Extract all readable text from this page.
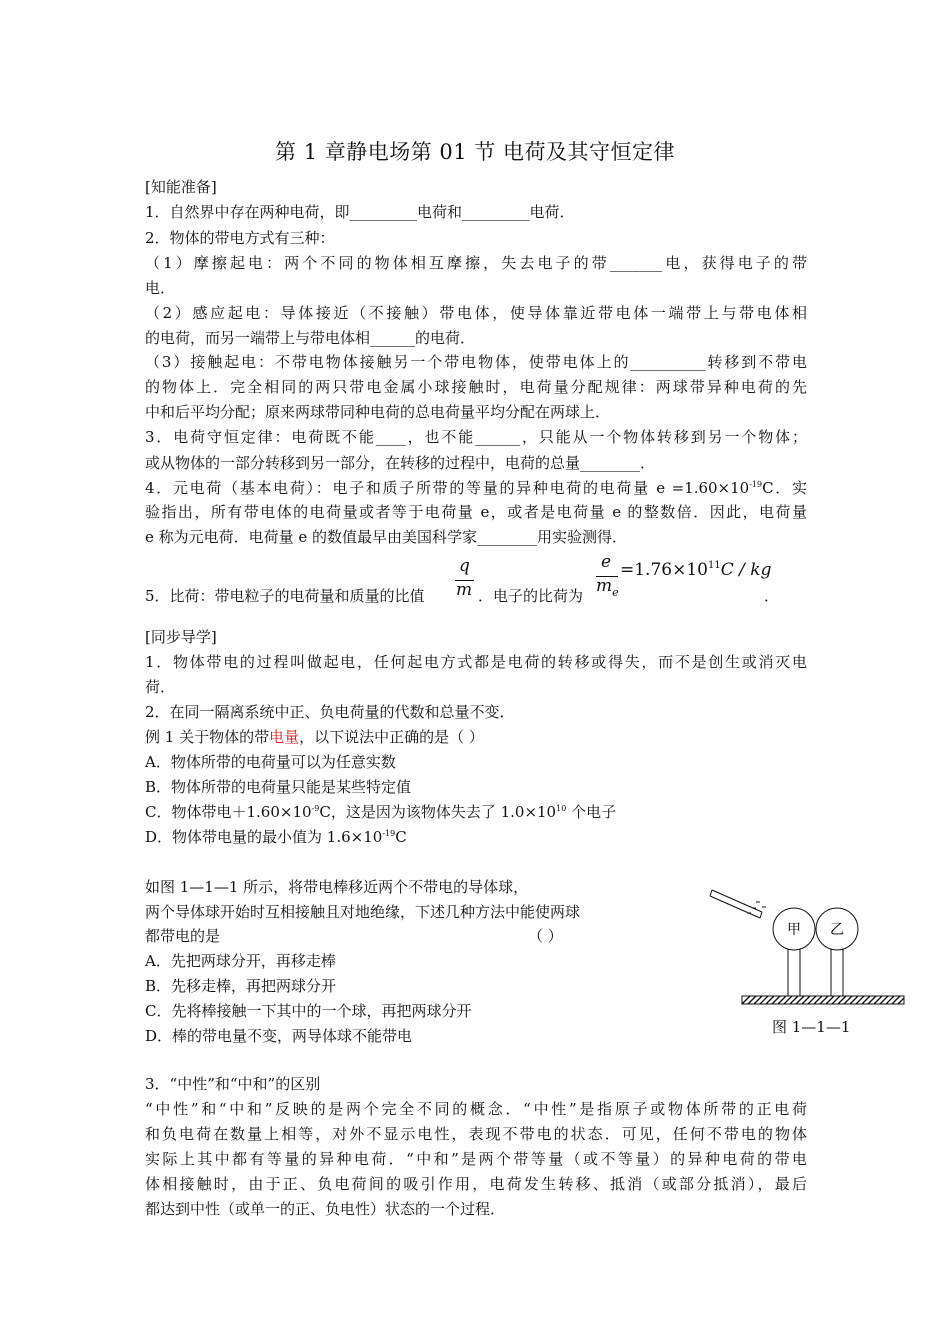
第 1 章静电场第 01 节 电荷及其守恒定律
[知能准备]
1．自然界中存在两种电荷，即_________电荷和_________电荷．
2．物体的带电方式有三种：
（1）摩擦起电：两个不同的物体相互摩擦，失去电子的带_______电，获得电子的带
电．
（2）感应起电：导体接近（不接触）带电体，使导体靠近带电体一端带上与带电体相
的电荷，而另一端带上与带电体相______的电荷．
（3）接触起电：不带电物体接触另一个带电物体，使带电体上的__________转移到不带电
的物体上．完全相同的两只带电金属小球接触时，电荷量分配规律：两球带异种电荷的先
中和后平均分配；原来两球带同种电荷的总电荷量平均分配在两球上．
3．电荷守恒定律：电荷既不能____，也不能______，只能从一个物体转移到另一个物体；
或从物体的一部分转移到另一部分，在转移的过程中，电荷的总量________．
4．元电荷（基本电荷）：电子和质子所带的等量的异种电荷的电荷量 $e =1.60\times 10^{-19}C$．实
验指出，所有带电体的电荷量或者等于电荷量 e，或者是电荷量 e 的整数倍．因此，电荷量
e 称为元电荷．电荷量 e 的数值最早由美国科学家________用实验测得．
5．比荷：带电粒子的电荷量和质量的比值
q
m ．电子的比荷为
e
$m_e$
$=1.76\times 10^{11}C$ / kg
．
[同步导学]
1．物体带电的过程叫做起电，任何起电方式都是电荷的转移或得失，而不是创生或消灭电
荷．
2．在同一隔离系统中正、负电荷量的代数和总量不变．
例 1 关于物体的带电量，以下说法中正确的是（ ）
A．物体所带的电荷量可以为任意实数
B．物体所带的电荷量只能是某些特定值
C．物体带电$+1.60\times 10^{-9}C$，这是因为该物体失去了 $1.0\times 10^{10}$ 个电子
D．物体带电量的最小值为 $1.6\times 10^{-19}C$
如图 1—1—1 所示，将带电棒移近两个不带电的导体球，
两个导体球开始时互相接触且对地绝缘，下述几种方法中能使两球
都带电的是	（ ）
A．先把两球分开，再移走棒
B．先移走棒，再把两球分开
C．先将棒接触一下其中的一个球，再把两球分开
D．棒的带电量不变，两导体球不能带电
甲 乙
图 1—1—1
3．“中性”和“中和”的区别
“中性”和“中和”反映的是两个完全不同的概念．“中性”是指原子或物体所带的正电荷
和负电荷在数量上相等，对外不显示电性，表现不带电的状态．可见，任何不带电的物体
实际上其中都有等量的异种电荷．“中和”是两个带等量（或不等量）的异种电荷的带电
体相接触时，由于正、负电荷间的吸引作用，电荷发生转移、抵消（或部分抵消），最后
都达到中性（或单一的正、负电性）状态的一个过程．
